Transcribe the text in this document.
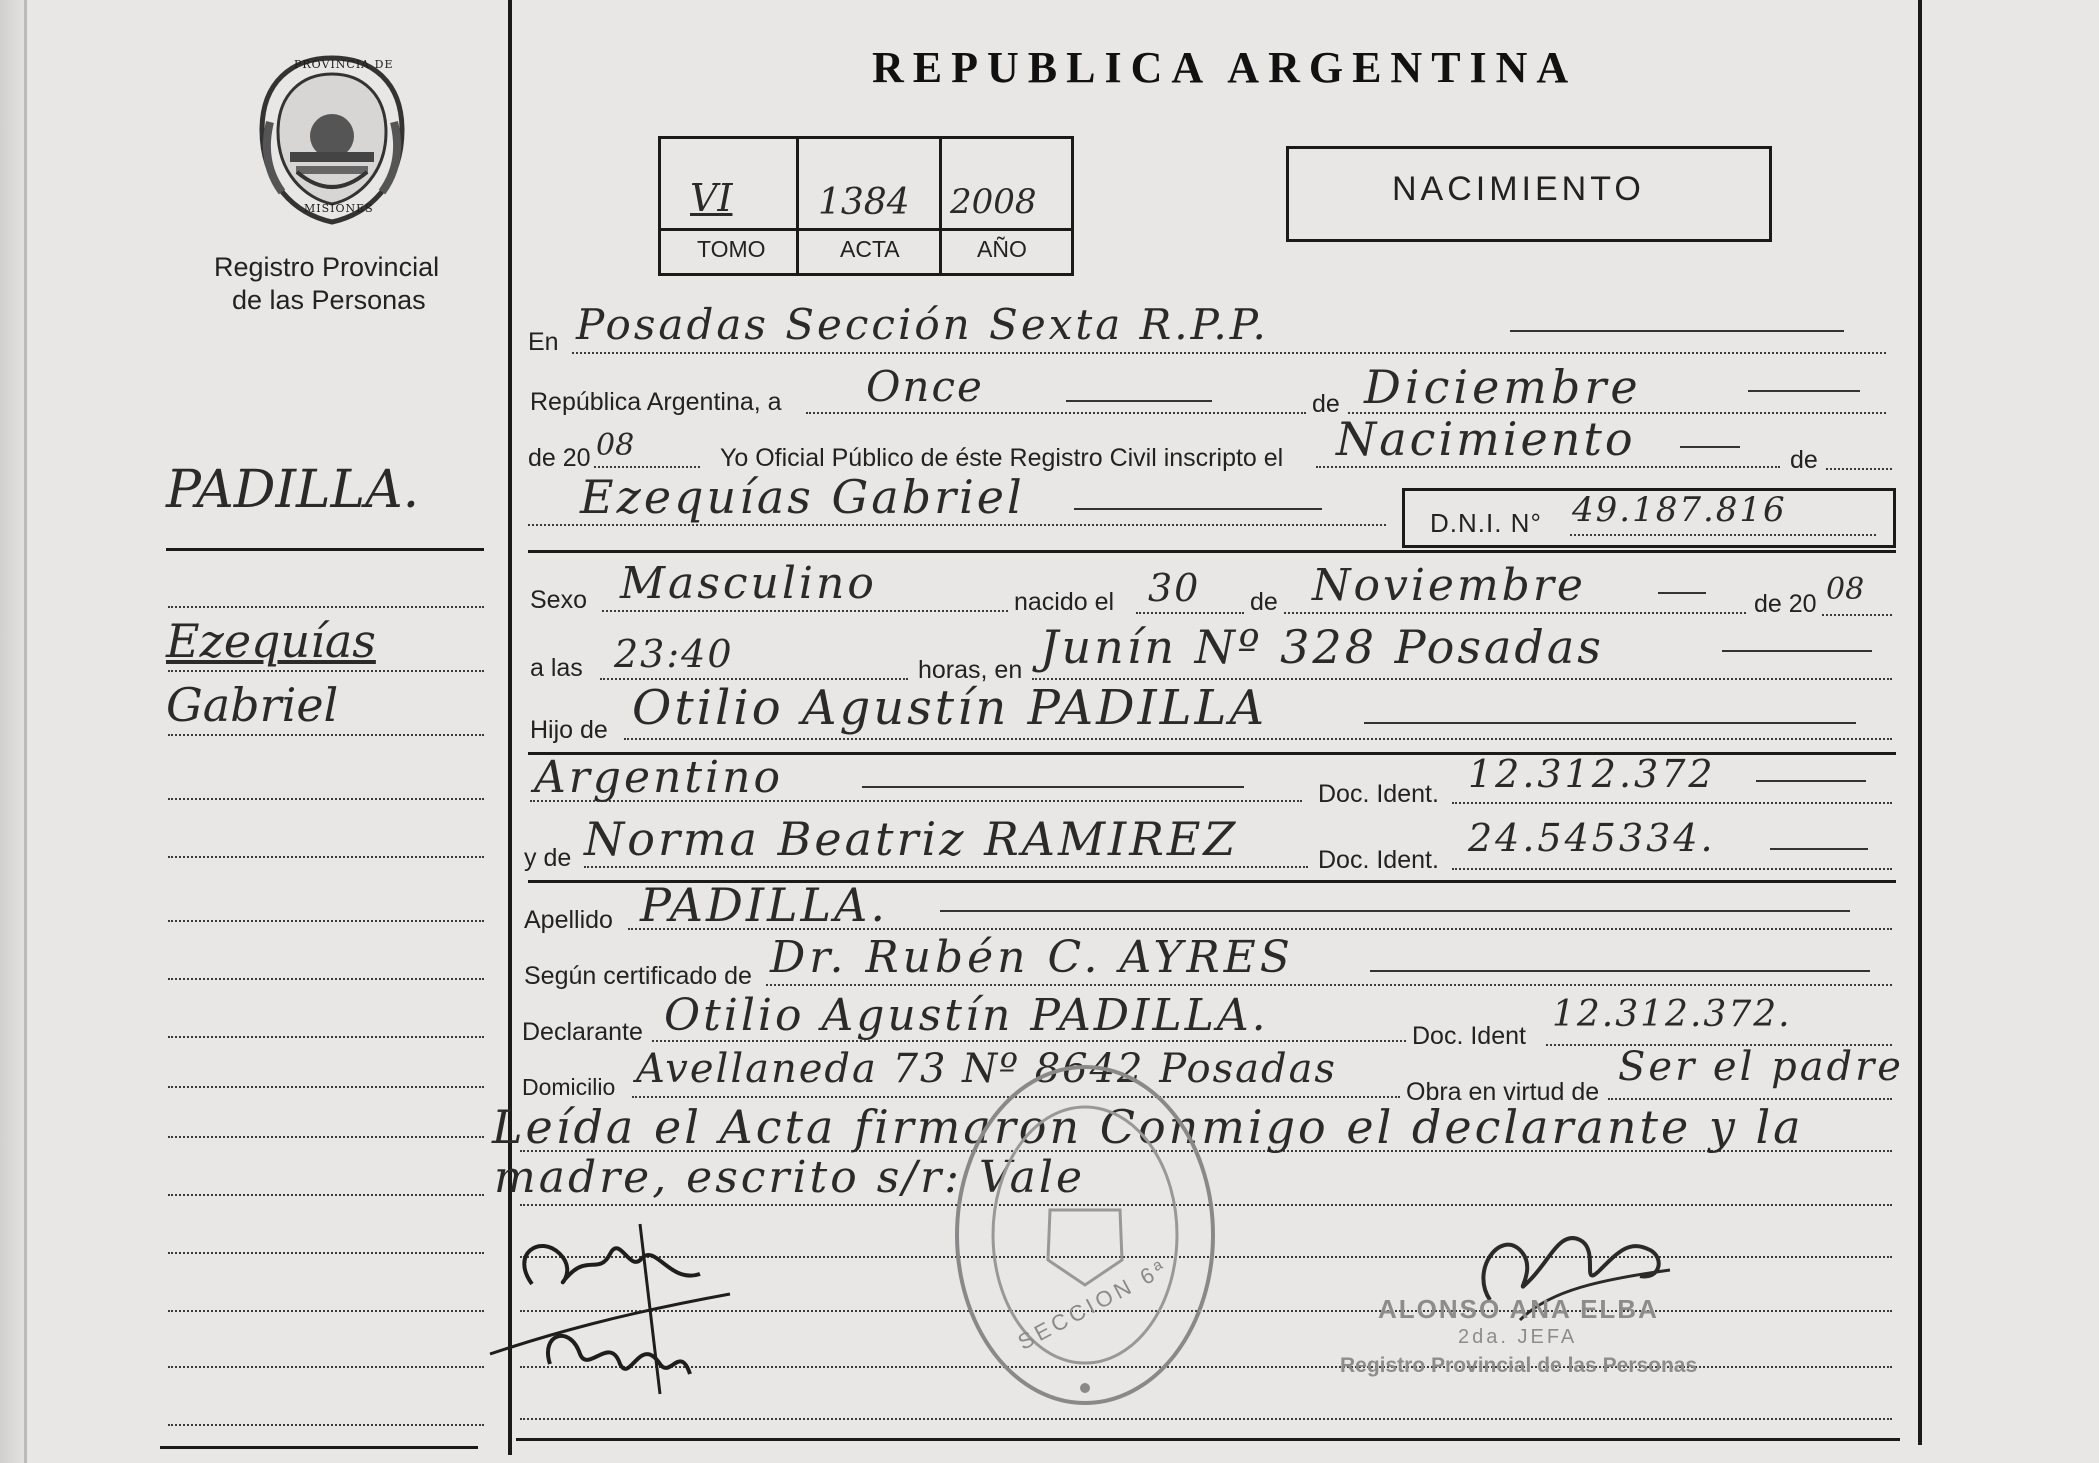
PROVINCIA DE
MISIONES
Registro Provincial
de las Personas
REPUBLICA ARGENTINA
VI 1384 2008
TOMO	ACTA	AÑO
NACIMIENTO
PADILLA.
Ezequías
Gabriel
En Posadas Sección Sexta R.P.P.
República Argentina, a Once	de Diciembre
de 20 08	Yo Oficial Público de éste Registro Civil inscripto el Nacimiento	de
Ezequías Gabriel	D.N.I. N° 49.187.816
Sexo Masculino	nacido el 30 de Noviembre	de 20 08
a las 23:40	horas, en Junín Nº 328 Posadas
Hijo de Otilio Agustín PADILLA
Argentino	Doc. Ident. 12.312.372
y de Norma Beatriz RAMIREZ	Doc. Ident. 24.545334.
Apellido PADILLA.
Según certificado de Dr. Rubén C. AYRES
Declarante Otilio Agustín PADILLA.	Doc. Ident
12.312.372.
Domicilio Avellaneda 73 Nº 8642 Posadas	Obra en virtud de
Ser el padre
Leída el Acta firmaron Conmigo el declarante y la
madre, escrito s/r: Vale
SECCION 6ª	ALONSO ANA ELBA
2da. JEFA
Registro Provincial de las Personas
